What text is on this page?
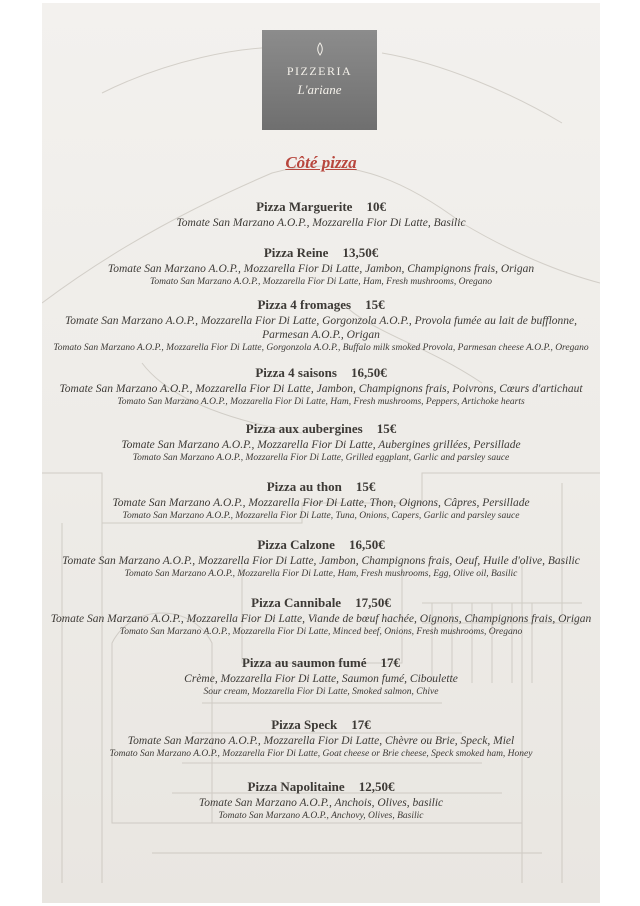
PIZZERIA
L'ariane
Côté pizza
Pizza Marguerite 10€
Tomate San Marzano A.O.P., Mozzarella Fior Di Latte, Basilic
Pizza Reine 13,50€
Tomate San Marzano A.O.P., Mozzarella Fior Di Latte, Jambon, Champignons frais, Origan
Tomato San Marzano A.O.P., Mozzarella Fior Di Latte, Ham, Fresh mushrooms, Oregano
Pizza 4 fromages 15€
Tomate San Marzano A.O.P., Mozzarella Fior Di Latte, Gorgonzola A.O.P., Provola fumée au lait de bufflonne,
Parmesan A.O.P., Origan
Tomato San Marzano A.O.P., Mozzarella Fior Di Latte, Gorgonzola A.O.P., Buffalo milk smoked Provola, Parmesan cheese A.O.P., Oregano
Pizza 4 saisons 16,50€
Tomate San Marzano A.O.P., Mozzarella Fior Di Latte, Jambon, Champignons frais, Poivrons, Cœurs d'artichaut
Tomato San Marzano A.O.P., Mozzarella Fior Di Latte, Ham, Fresh mushrooms, Peppers, Artichoke hearts
Pizza aux aubergines 15€
Tomate San Marzano A.O.P., Mozzarella Fior Di Latte, Aubergines grillées, Persillade
Tomato San Marzano A.O.P., Mozzarella Fior Di Latte, Grilled eggplant, Garlic and parsley sauce
Pizza au thon 15€
Tomate San Marzano A.O.P., Mozzarella Fior Di Latte, Thon, Oignons, Câpres, Persillade
Tomato San Marzano A.O.P., Mozzarella Fior Di Latte, Tuna, Onions, Capers, Garlic and parsley sauce
Pizza Calzone 16,50€
Tomate San Marzano A.O.P., Mozzarella Fior Di Latte, Jambon, Champignons frais, Oeuf, Huile d'olive, Basilic
Tomato San Marzano A.O.P., Mozzarella Fior Di Latte, Ham, Fresh mushrooms, Egg, Olive oil, Basilic
Pizza Cannibale 17,50€
Tomate San Marzano A.O.P., Mozzarella Fior Di Latte, Viande de bœuf hachée, Oignons, Champignons frais, Origan
Tomato San Marzano A.O.P., Mozzarella Fior Di Latte, Minced beef, Onions, Fresh mushrooms, Oregano
Pizza au saumon fumé 17€
Crème, Mozzarella Fior Di Latte, Saumon fumé, Ciboulette
Sour cream, Mozzarella Fior Di Latte, Smoked salmon, Chive
Pizza Speck 17€
Tomate San Marzano A.O.P., Mozzarella Fior Di Latte, Chèvre ou Brie, Speck, Miel
Tomato San Marzano A.O.P., Mozzarella Fior Di Latte, Goat cheese or Brie cheese, Speck smoked ham, Honey
Pizza Napolitaine 12,50€
Tomate San Marzano A.O.P., Anchois, Olives, basilic
Tomato San Marzano A.O.P., Anchovy, Olives, Basilic
